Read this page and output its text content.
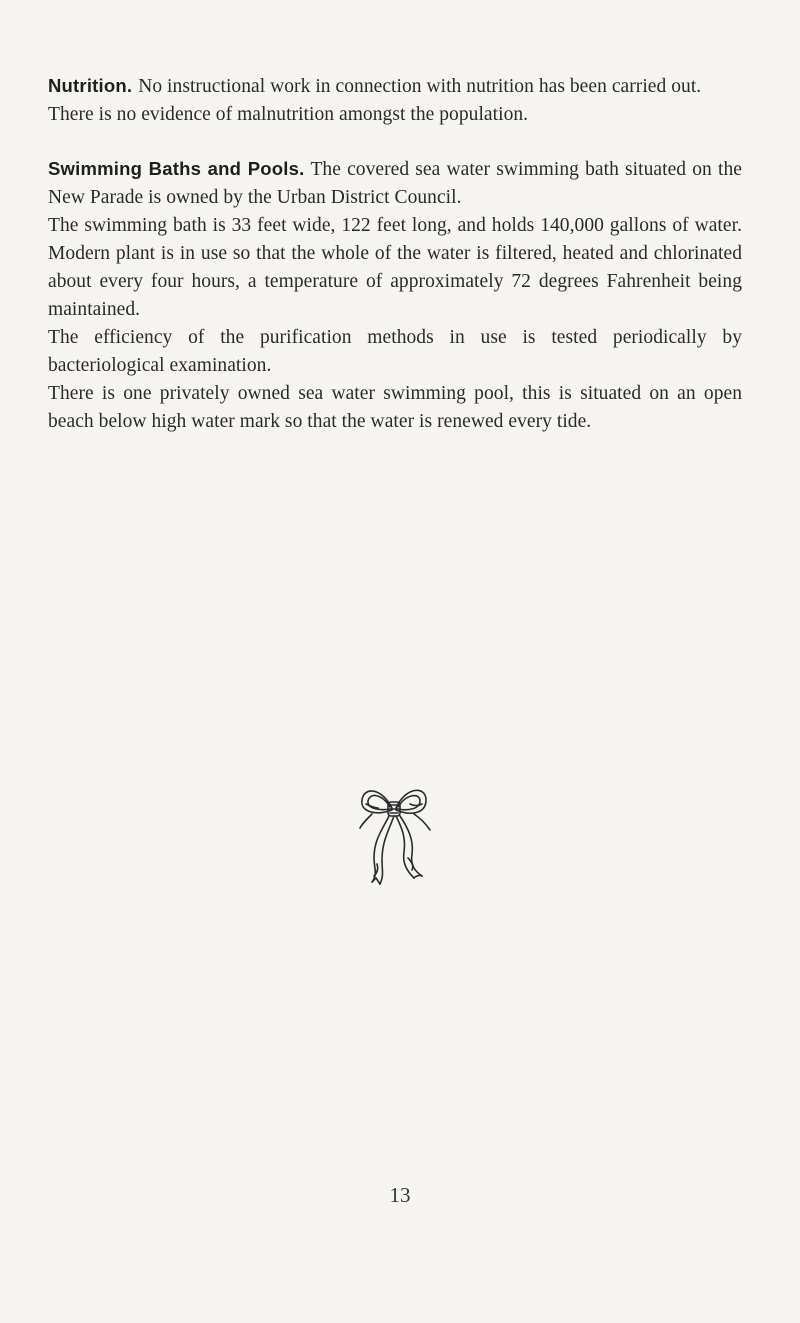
Nutrition. No instructional work in connection with nutrition has been carried out.

There is no evidence of malnutrition amongst the population.

Swimming Baths and Pools. The covered sea water swimming bath situated on the New Parade is owned by the Urban District Council.

The swimming bath is 33 feet wide, 122 feet long, and holds 140,000 gallons of water. Modern plant is in use so that the whole of the water is filtered, heated and chlorinated about every four hours, a temperature of approximately 72 degrees Fahrenheit being maintained.

The efficiency of the purification methods in use is tested periodically by bacteriological examination.

There is one privately owned sea water swimming pool, this is situated on an open beach below high water mark so that the water is renewed every tide.

13
